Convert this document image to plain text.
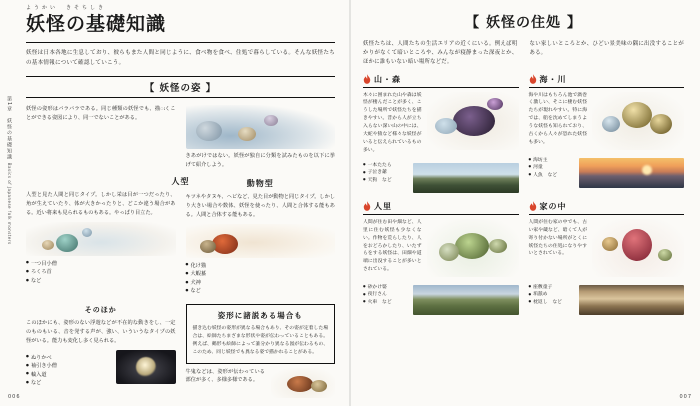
第1章　妖怪の基礎知識 Basics of Japanese folk monsters
ようかい　きそちしき
妖怪の基礎知識

妖怪は日本各地に生息しており、彼らもまた人間と同じように、食べ物を食べ、住処で暮らしている。そんな妖怪たちの基本情報について確認していこう。

【 妖怪の姿 】

妖怪の姿形はバラバラである。同じ種類の妖怪でも、描းくことができる姿図により、同一でないことがある。

きあがけではない。妖怪が独自に分類を試みたものを以下に挙げて紹介しよう。

人型

人型と見た人間と同じタイプ。しかし栄は目が一つだったり、角が生えていたり、体が大きかったりと、どこか違う場合がある。近い将来も見られるものもある。やっぱり目立た。

● 一つ目小僧
● ろくろ首
● など
動物型

キツネやタヌキ、ヘビなど、見た目が動物と同じタイプ。しかしり大きい場合や数体、妖怪を使ったり、人間と合体する能もある。人間と合体する能もある。

● 化け猫
● 大蝦蟇
● 犬神
● など
そのほか

このほかにも、姿形のない浮遊などが不在的な動きをし、一定のものもいる、音を発する声が、強い、いういうなタイプの妖怪がいる。能力も変化し多く見られる。

● ぬりかべ
● 袖引き小僧
● 輪入道
● など
姿形に諸説ある場合も

描き込む妖怪の姿形が異なる場合もあり、その姿が定着した場合は、絵師たちまざまな形状や姿が伝わっていることもある。例えば、鵺形も絵師によって誰分かり異なる図が伝わるもの、このため、同じ妖怪でも異なる姿で描かれることがある。

牛鬼などは、姿形が伝わっている部位が多く、多様多様である。

006
【 妖怪の住処 】

妖怪たちは、人間たちの生活エリアの近くにいる。例えば明かりがなくて暗いところや、みんなが寝静まった深夜とか、ほかに誰もいない暗い場所などだ。

ない家しいところとか、ひどい景美味の隅に出没することがある。

山・森
木々に囲まれた山や森は妖怪が棲んだことが多く、こうした場所で妖怪たちを描きやすい。昔から人が立ち入らない深い山の中には、大蛇や猿など様々な妖怪がいると伝えられているもの多い。
● 一本たたら
● 子泣き爺
● 天狗　など
海・川
海や川はもちろん池で渦巻く激しい、そこに棲む妖怪たちが現れやすい。特に海では、船を沈めてしまうような妖怪も知られており、古くから人々が恐れた妖怪も多い。
● 海坊主
● 河童
● 人魚　など
人里
人間が住む田や畑など、人里に住む妖怪も少なくない。作物を荒らしたり、人をおどろかしたり、いたずらをする妖怪は、田畑や道端に出没することが多いとされている。
● 砂かけ婆
● 夜行さん
● 火車　など
家の中
人間が住む家の中でも、古い家や蔵など、暗くて人が寄り付かない場所がとくに妖怪たちの住処になりやすいとされている。
● 座敷童子
● 垢舐め
● 枕返し　など
007
